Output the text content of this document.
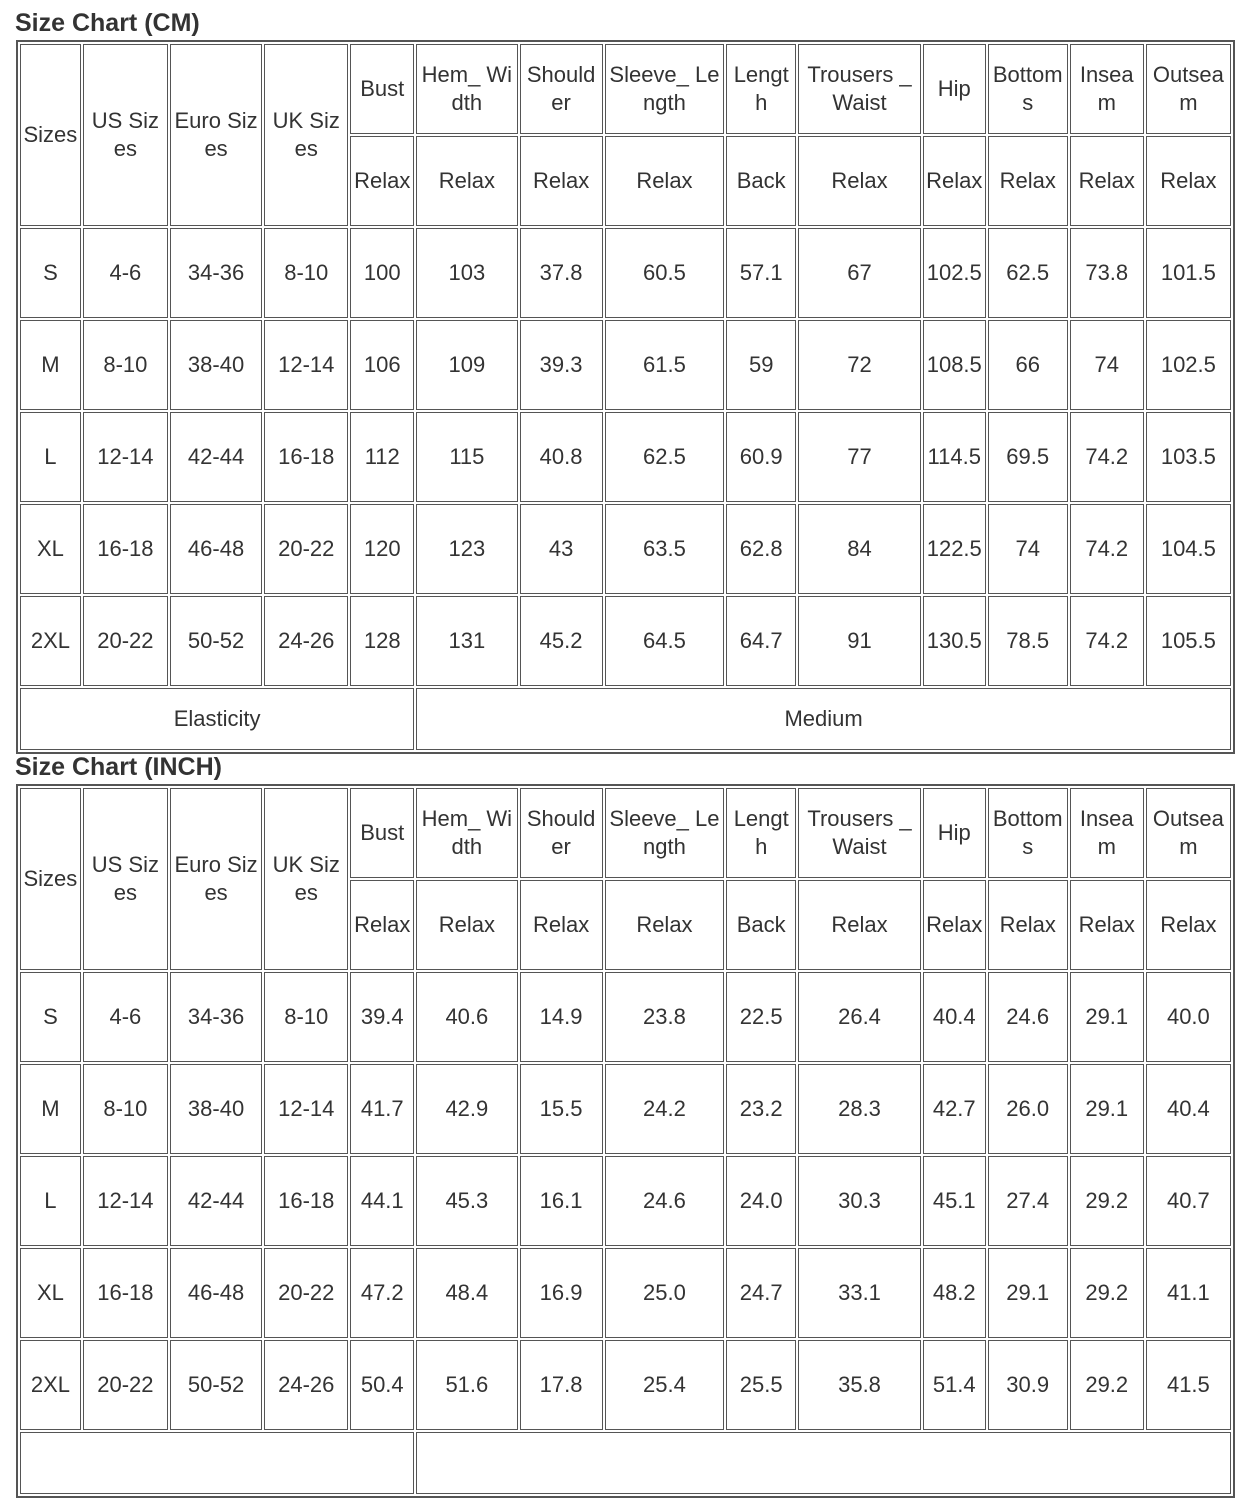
Size Chart (CM)
Sizes	US Sizes	Euro Sizes	UK Sizes	Bust	Hem_ Width	Shoulder	Sleeve_ Length	Length	Trousers _Waist	Hip	Bottoms	Inseam	Outseam
				Relax	Relax	Relax	Relax	Back	Relax	Relax	Relax	Relax	Relax
S	4-6	34-36	8-10	100	103	37.8	60.5	57.1	67	102.5	62.5	73.8	101.5
M	8-10	38-40	12-14	106	109	39.3	61.5	59	72	108.5	66	74	102.5
L	12-14	42-44	16-18	112	115	40.8	62.5	60.9	77	114.5	69.5	74.2	103.5
XL	16-18	46-48	20-22	120	123	43	63.5	62.8	84	122.5	74	74.2	104.5
2XL	20-22	50-52	24-26	128	131	45.2	64.5	64.7	91	130.5	78.5	74.2	105.5
Elasticity					Medium								
Size Chart (INCH)
Sizes	US Sizes	Euro Sizes	UK Sizes	Bust	Hem_ Width	Shoulder	Sleeve_ Length	Length	Trousers _Waist	Hip	Bottoms	Inseam	Outseam
				Relax	Relax	Relax	Relax	Back	Relax	Relax	Relax	Relax	Relax
S	4-6	34-36	8-10	39.4	40.6	14.9	23.8	22.5	26.4	40.4	24.6	29.1	40.0
M	8-10	38-40	12-14	41.7	42.9	15.5	24.2	23.2	28.3	42.7	26.0	29.1	40.4
L	12-14	42-44	16-18	44.1	45.3	16.1	24.6	24.0	30.3	45.1	27.4	29.2	40.7
XL	16-18	46-48	20-22	47.2	48.4	16.9	25.0	24.7	33.1	48.2	29.1	29.2	41.1
2XL	20-22	50-52	24-26	50.4	51.6	17.8	25.4	25.5	35.8	51.4	30.9	29.2	41.5
